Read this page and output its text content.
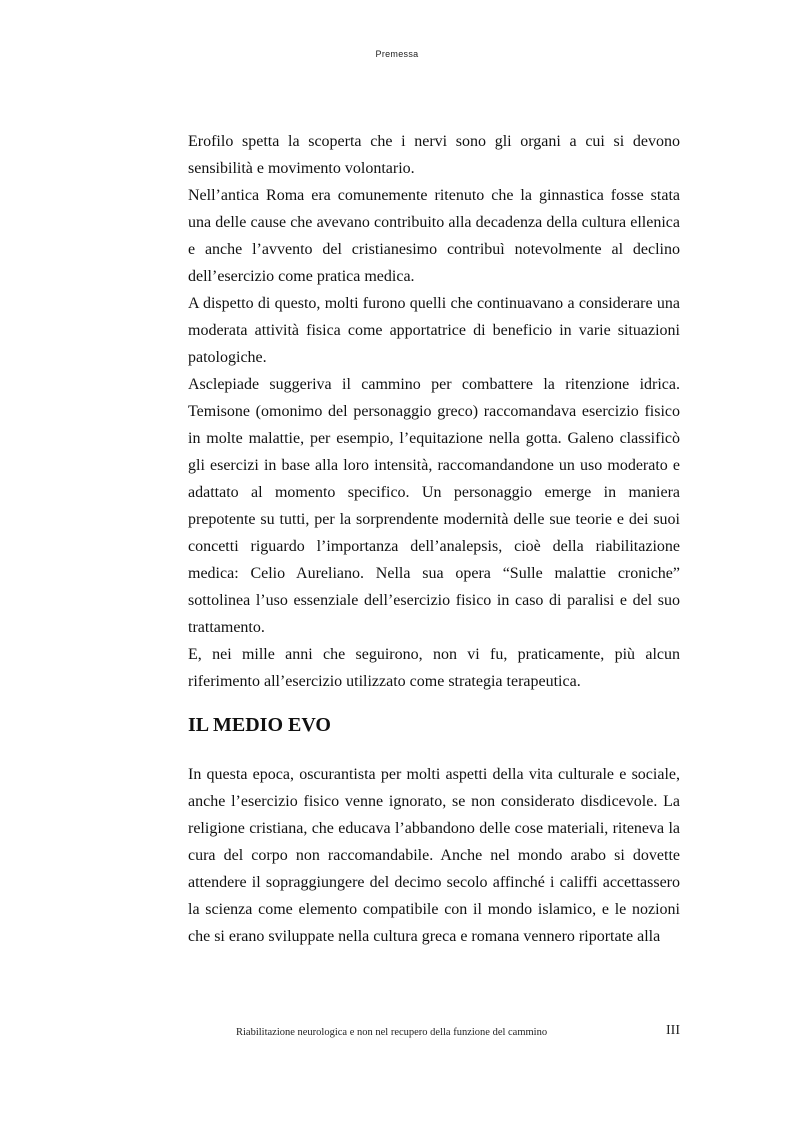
Premessa

Erofilo spetta la scoperta che i nervi sono gli organi a cui si devono sensibilità e movimento volontario.

Nell’antica Roma era comunemente ritenuto che la ginnastica fosse stata una delle cause che avevano contribuito alla decadenza della cultura ellenica e anche l’avvento del cristianesimo contribuì notevolmente al declino dell’esercizio come pratica medica.

A dispetto di questo, molti furono quelli che continuavano a considerare una moderata attività fisica come apportatrice di beneficio in varie situazioni patologiche.

Asclepiade suggeriva il cammino per combattere la ritenzione idrica. Temisone (omonimo del personaggio greco) raccomandava esercizio fisico in molte malattie, per esempio, l’equitazione nella gotta. Galeno classificò gli esercizi in base alla loro intensità, raccomandandone un uso moderato e adattato al momento specifico. Un personaggio emerge in maniera prepotente su tutti, per la sorprendente modernità delle sue teorie e dei suoi concetti riguardo l’importanza dell’analepsis, cioè della riabilitazione medica: Celio Aureliano. Nella sua opera “Sulle malattie croniche” sottolinea l’uso essenziale dell’esercizio fisico in caso di paralisi e del suo trattamento.

E, nei mille anni che seguirono, non vi fu, praticamente, più alcun riferimento all’esercizio utilizzato come strategia terapeutica.

IL MEDIO EVO

In questa epoca, oscurantista per molti aspetti della vita culturale e sociale, anche l’esercizio fisico venne ignorato, se non considerato disdicevole. La religione cristiana, che educava l’abbandono delle cose materiali, riteneva la cura del corpo non raccomandabile. Anche nel mondo arabo si dovette attendere il sopraggiungere del decimo secolo affinché i califfi accettassero la scienza come elemento compatibile con il mondo islamico, e le nozioni che si erano sviluppate nella cultura greca e romana vennero riportate alla

Riabilitazione neurologica e non nel recupero della funzione del cammino	III
